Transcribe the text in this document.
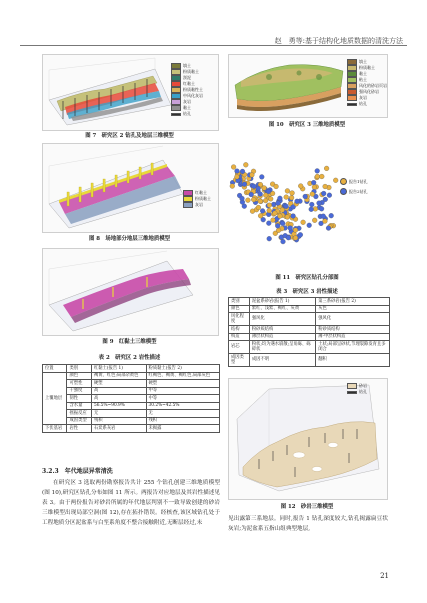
赵　勇等:基于结构化地质数据的清洗方法
填土
粉质黏土
淤泥
红黏土
粉质黏性土
中风化灰岩
灰岩
黏土
钻孔
图 7　研究区 2 钻孔及地层三维模型
红黏土
粉质黏土
灰岩
图 8　场地部分地层三维地质模型
图 9　红黏土三维模型
表 2　研究区 2 岩性描述
位置	类别	红黏土(报告 1)	粉质黏土(报告 2)
上覆地层	颜色	褐黄、红色;局部杂黄色	红褐色、褐黄、褐红色,局部灰色
	可塑性	硬塑	硬塑
	干强度	高	中等
	韧性	高	中等
	含水量	56.5%~90.9%	30.2%~42.5%
	摇振反应	无	无
	成因类型	残积	残积
下伏基岩	岩性	石炭系灰岩	未揭露
3.2.3　年代地层异常清洗
在研究区 3 选取两份勘察报告共计 255 个钻孔创建三维地质模型(图 10),研究区钻孔分布如图 11 所示。两报告对应地层及其岩性描述见表 3。由于两份报告对砂岩所属的年代地层判别不一致导致创建的砂岩三维模型出现局部空洞(图 12),存在拓扑错误。经核查,该区域钻孔处于工程地质分区泥盆系与白垩系角度不整合接触附近,无断层经过,未
填土
粉质黏土
黏土
粘土
风化的砂岩页岩
强风化砂岩
灰岩
钻孔
图 10　研究区 3 三维地质模型
报告1钻孔
报告2钻孔
图 11　研究区钻孔分部图
表 3　研究区 3 岩性描述
类别	泥盆系砂岩(报告 1)	第三系砂岩(报告 2)
颜色	紫红、浅紫、褐红、灰黄	灰色
风化程度	强风化	强风化
结构	粉砂质结构	粉砂质结构
构造	薄层状构造	薄-中层状构造
岩芯	粉状;均为遇水崩散;呈角砾、砾碎状	土状;局部呈砂状,节理裂隙发育且多闭合
成因类型	成因不明	翻积
砂岩
钻孔
图 12　砂岩三维模型
见出露第三系地层。同时,报告 1 钻孔深度较大,钻孔揭露扁豆状灰岩;为泥盆系五指山组典型地层,
21
